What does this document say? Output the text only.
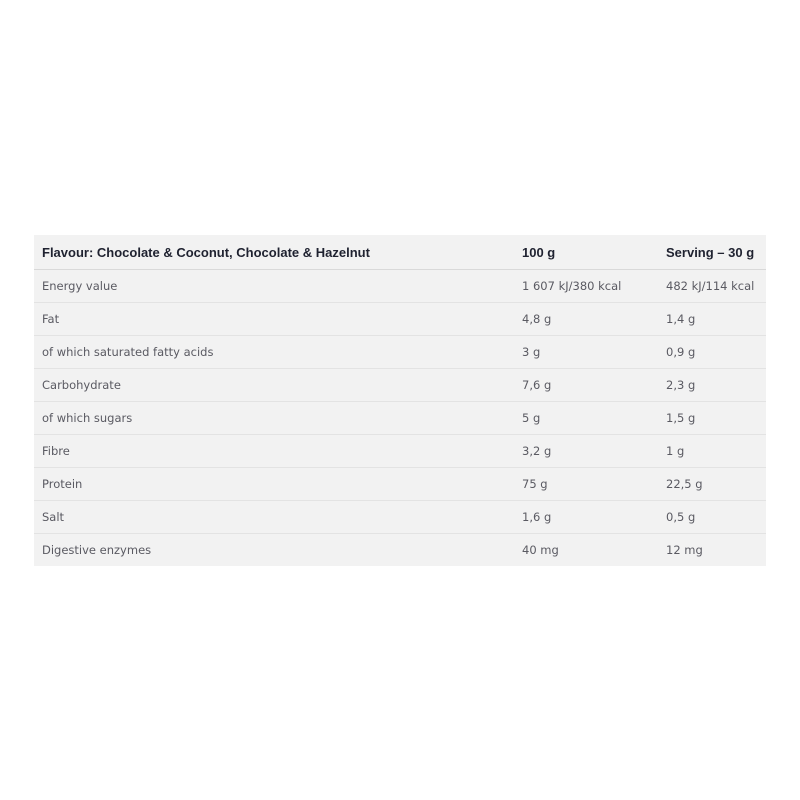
Flavour: Chocolate & Coconut, Chocolate & Hazelnut	100 g	Serving – 30 g
Energy value	1 607 kJ/380 kcal	482 kJ/114 kcal
Fat	4,8 g	1,4 g
of which saturated fatty acids	3 g	0,9 g
Carbohydrate	7,6 g	2,3 g
of which sugars	5 g	1,5 g
Fibre	3,2 g	1 g
Protein	75 g	22,5 g
Salt	1,6 g	0,5 g
Digestive enzymes	40 mg	12 mg
